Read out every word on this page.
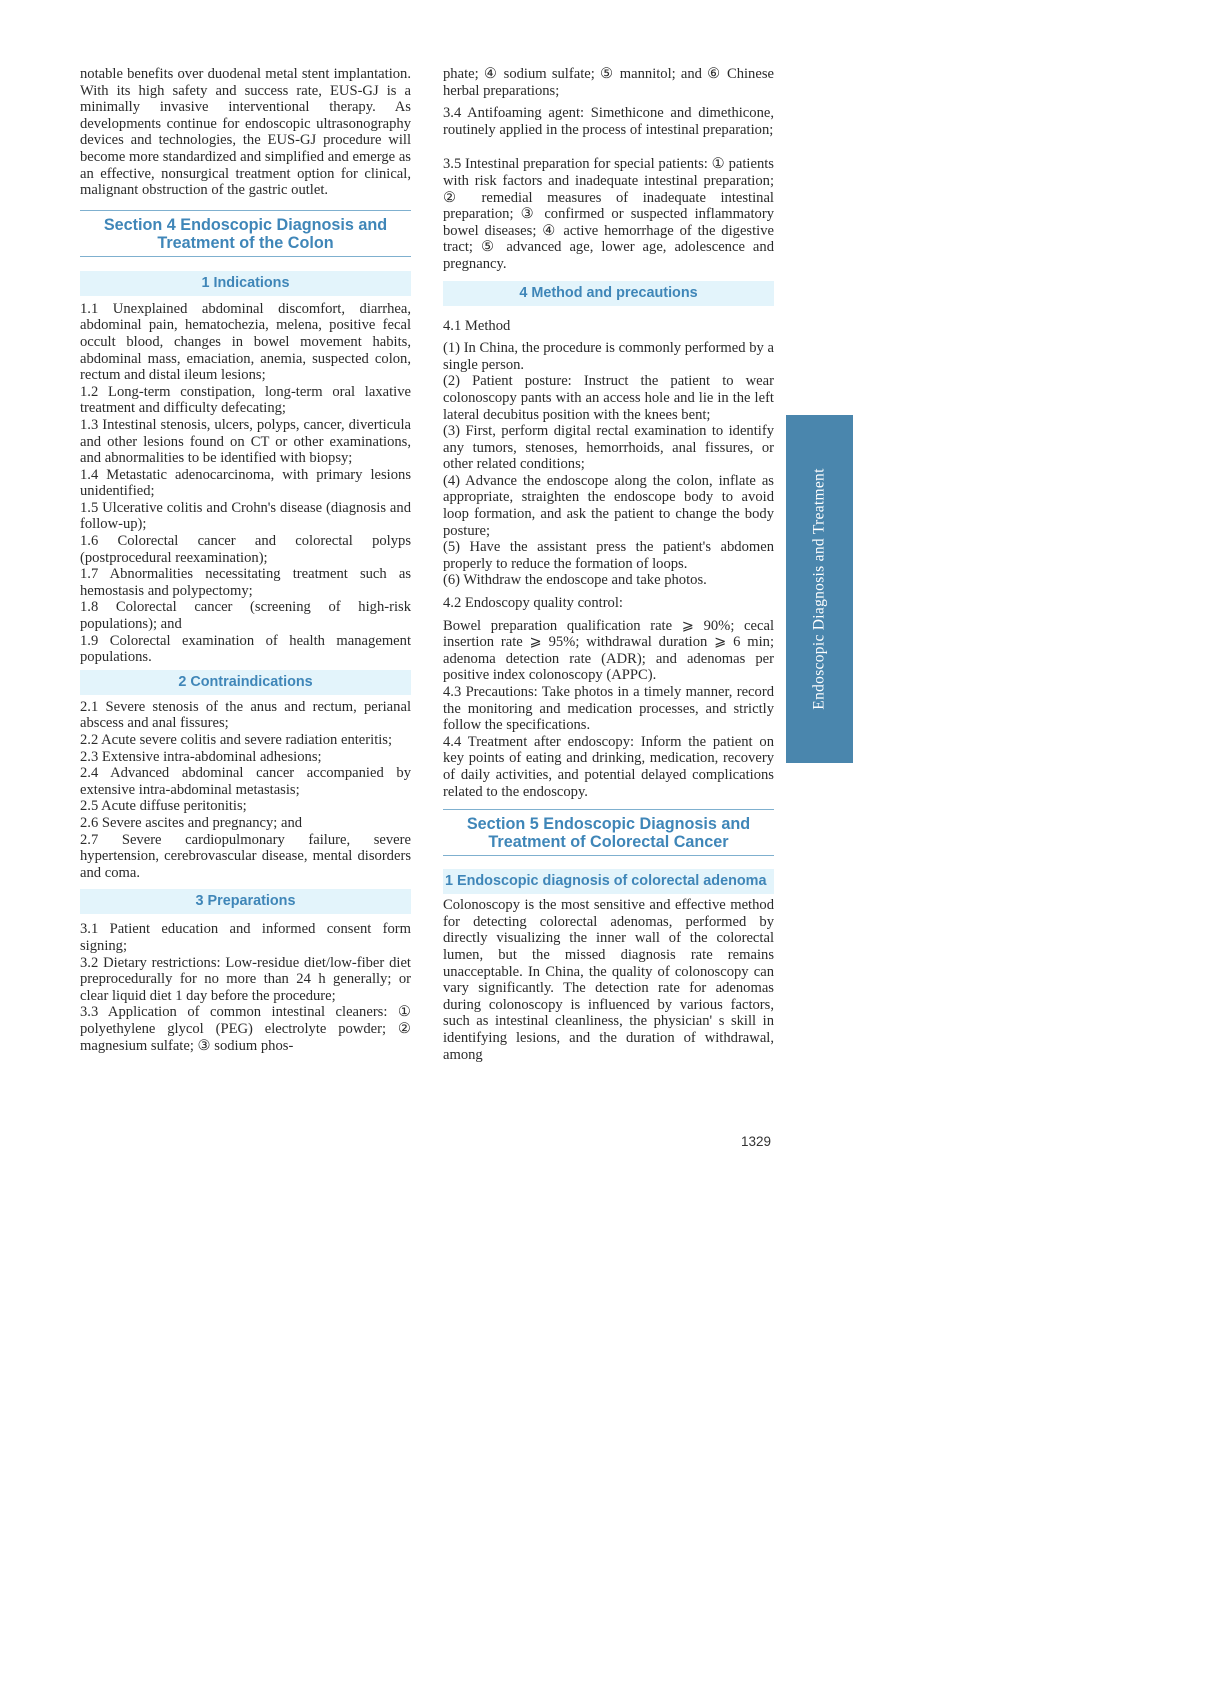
notable benefits over duodenal metal stent implantation. With its high safety and success rate, EUS-GJ is a minimally invasive interventional therapy. As developments continue for endoscopic ultrasonography devices and technologies, the EUS-GJ procedure will become more standardized and simplified and emerge as an effective, nonsurgical treatment option for clinical, malignant obstruction of the gastric outlet.

Section 4 Endoscopic Diagnosis and Treatment of the Colon
1 Indications

1.1 Unexplained abdominal discomfort, diarrhea, abdominal pain, hematochezia, melena, positive fecal occult blood, changes in bowel movement habits, abdominal mass, emaciation, anemia, suspected colon, rectum and distal ileum lesions;

1.2 Long-term constipation, long-term oral laxative treatment and difficulty defecating;

1.3 Intestinal stenosis, ulcers, polyps, cancer, diverticula and other lesions found on CT or other examinations, and abnormalities to be identified with biopsy;

1.4 Metastatic adenocarcinoma, with primary lesions unidentified;

1.5 Ulcerative colitis and Crohn's disease (diagnosis and follow-up);

1.6 Colorectal cancer and colorectal polyps (postprocedural reexamination);

1.7 Abnormalities necessitating treatment such as hemostasis and polypectomy;

1.8 Colorectal cancer (screening of high-risk populations); and

1.9 Colorectal examination of health management populations.

2 Contraindications

2.1 Severe stenosis of the anus and rectum, perianal abscess and anal fissures;

2.2 Acute severe colitis and severe radiation enteritis;

2.3 Extensive intra-abdominal adhesions;

2.4 Advanced abdominal cancer accompanied by extensive intra-abdominal metastasis;

2.5 Acute diffuse peritonitis;

2.6 Severe ascites and pregnancy; and

2.7 Severe cardiopulmonary failure, severe hypertension, cerebrovascular disease, mental disorders and coma.

3 Preparations

3.1 Patient education and informed consent form signing;

3.2 Dietary restrictions: Low-residue diet/low-fiber diet preprocedurally for no more than 24 h generally; or clear liquid diet 1 day before the procedure;

3.3 Application of common intestinal cleaners: ① polyethylene glycol (PEG) electrolyte powder; ② magnesium sulfate; ③ sodium phos-

phate; ④ sodium sulfate; ⑤ mannitol; and ⑥ Chinese herbal preparations;

3.4 Antifoaming agent: Simethicone and dimethicone, routinely applied in the process of intestinal preparation;

3.5 Intestinal preparation for special patients: ① patients with risk factors and inadequate intestinal preparation; ② remedial measures of inadequate intestinal preparation; ③ confirmed or suspected inflammatory bowel diseases; ④ active hemorrhage of the digestive tract; ⑤ advanced age, lower age, adolescence and pregnancy.

4 Method and precautions

4.1 Method

(1) In China, the procedure is commonly performed by a single person.

(2) Patient posture: Instruct the patient to wear colonoscopy pants with an access hole and lie in the left lateral decubitus position with the knees bent;

(3) First, perform digital rectal examination to identify any tumors, stenoses, hemorrhoids, anal fissures, or other related conditions;

(4) Advance the endoscope along the colon, inflate as appropriate, straighten the endoscope body to avoid loop formation, and ask the patient to change the body posture;

(5) Have the assistant press the patient's abdomen properly to reduce the formation of loops.

(6) Withdraw the endoscope and take photos.

4.2 Endoscopy quality control:

Bowel preparation qualification rate ⩾ 90%; cecal insertion rate ⩾ 95%; withdrawal duration ⩾ 6 min; adenoma detection rate (ADR); and adenomas per positive index colonoscopy (APPC).

4.3 Precautions: Take photos in a timely manner, record the monitoring and medication processes, and strictly follow the specifications.

4.4 Treatment after endoscopy: Inform the patient on key points of eating and drinking, medication, recovery of daily activities, and potential delayed complications related to the endoscopy.

Section 5 Endoscopic Diagnosis and Treatment of Colorectal Cancer
1 Endoscopic diagnosis of colorectal adenoma

Colonoscopy is the most sensitive and effective method for detecting colorectal adenomas, performed by directly visualizing the inner wall of the colorectal lumen, but the missed diagnosis rate remains unacceptable. In China, the quality of colonoscopy can vary significantly. The detection rate for adenomas during colonoscopy is influenced by various factors, such as intestinal cleanliness, the physician' s skill in identifying lesions, and the duration of withdrawal, among

Endoscopic Diagnosis and Treatment
1329
